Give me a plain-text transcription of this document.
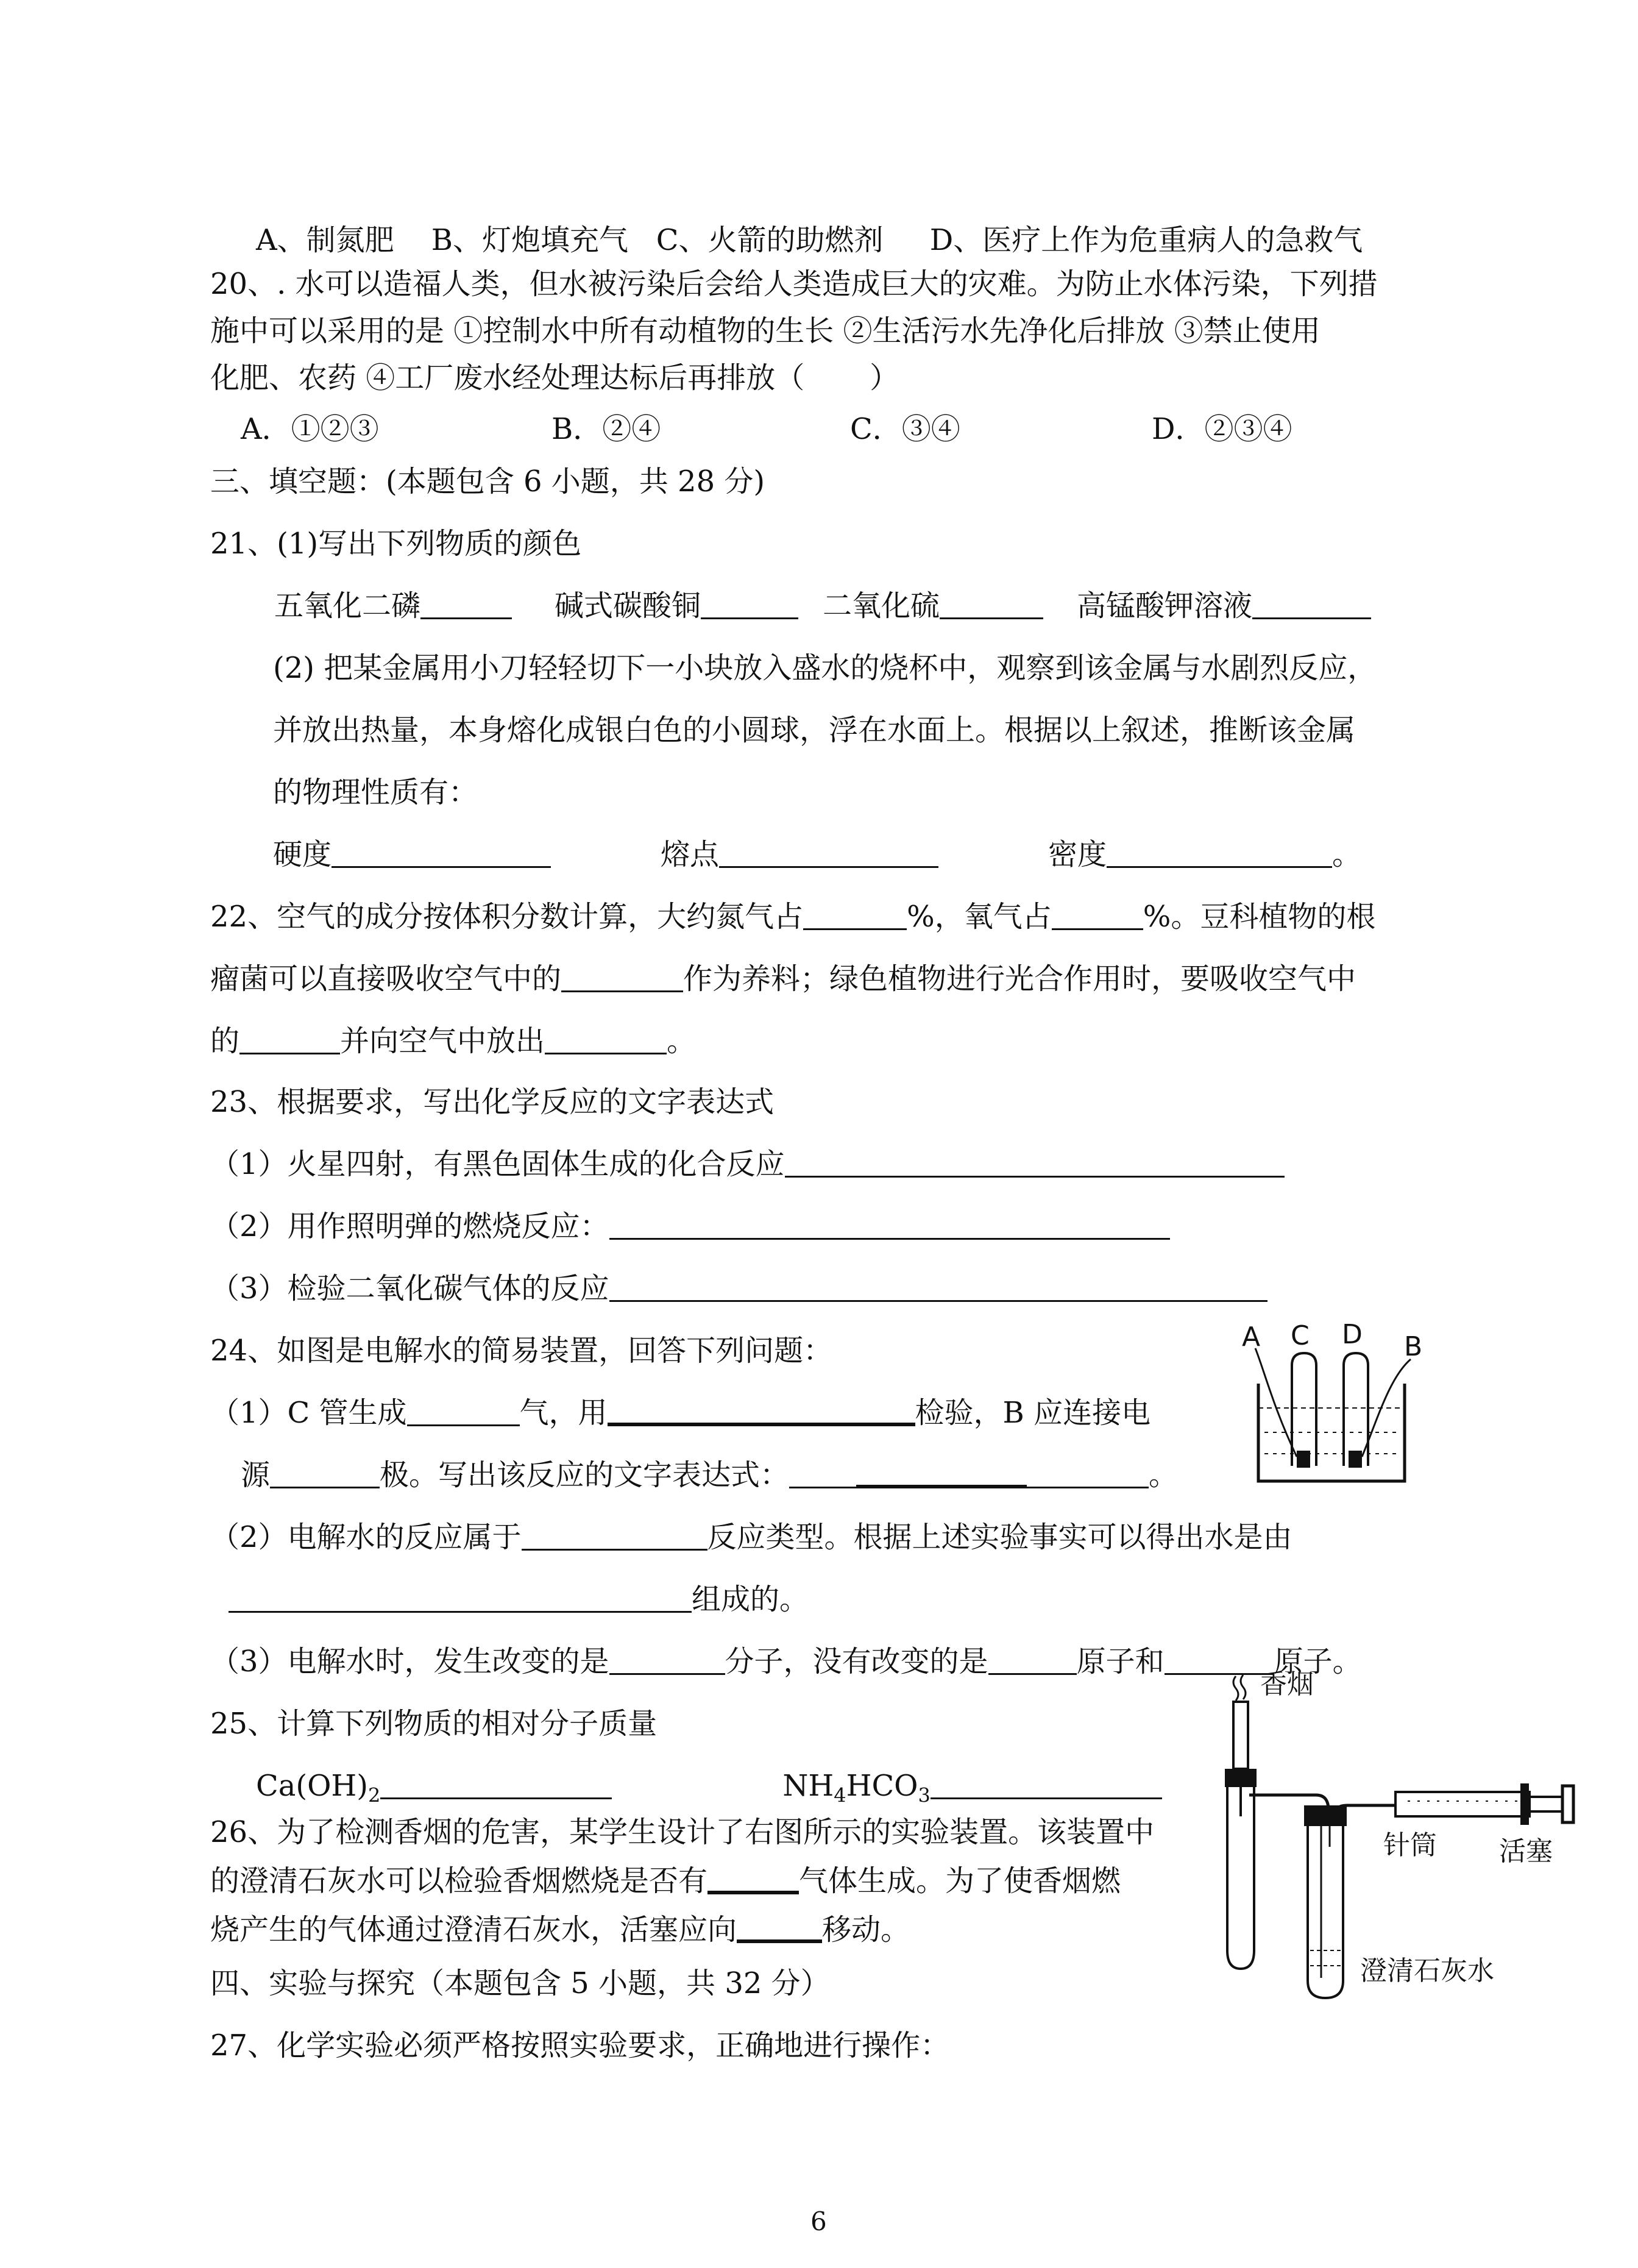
A、制氮肥    B、灯炮填充气   C、火箭的助燃剂     D、医疗上作为危重病人的急救气
20、. 水可以造福人类，但水被污染后会给人类造成巨大的灾难。为防止水体污染，下列措
施中可以采用的是 ①控制水中所有动植物的生长 ②生活污水先净化后排放 ③禁止使用
化肥、农药 ④工厂废水经处理达标后再排放（       ）
A．①②③	B．②④	C．③④	D．②③④
三、填空题：(本题包含 6 小题，共 28 分)
21、(1)写出下列物质的颜色
五氧化二磷	碱式碳酸铜	二氧化硫	高锰酸钾溶液
(2) 把某金属用小刀轻轻切下一小块放入盛水的烧杯中，观察到该金属与水剧烈反应，
并放出热量，本身熔化成银白色的小圆球，浮在水面上。根据以上叙述，推断该金属
的物理性质有：
硬度	熔点	密度	。
22、空气的成分按体积分数计算，大约氮气占	%，氧气占	%。豆科植物的根
瘤菌可以直接吸收空气中的	作为养料；绿色植物进行光合作用时，要吸收空气中
的	并向空气中放出	。
23、根据要求，写出化学反应的文字表达式
（1）火星四射，有黑色固体生成的化合反应
（2）用作照明弹的燃烧反应：
（3）检验二氧化碳气体的反应
24、如图是电解水的简易装置，回答下列问题：
（1）C 管生成	气，用	检验，B 应连接电
源	极。写出该反应的文字表达式：	。
（2）电解水的反应属于	反应类型。根据上述实验事实可以得出水是由
组成的。
（3）电解水时，发生改变的是	分子，没有改变的是	原子和	原子。
A C D B
25、计算下列物质的相对分子质量
$Ca(OH)_2$	$NH_4HCO_3$
26、为了检测香烟的危害，某学生设计了右图所示的实验装置。该装置中
的澄清石灰水可以检验香烟燃烧是否有	气体生成。为了使香烟燃
烧产生的气体通过澄清石灰水，活塞应向	移动。
四、实验与探究（本题包含 5 小题，共 32 分）
27、化学实验必须严格按照实验要求，正确地进行操作：
香烟
澄清石灰水
针筒 活塞
6
